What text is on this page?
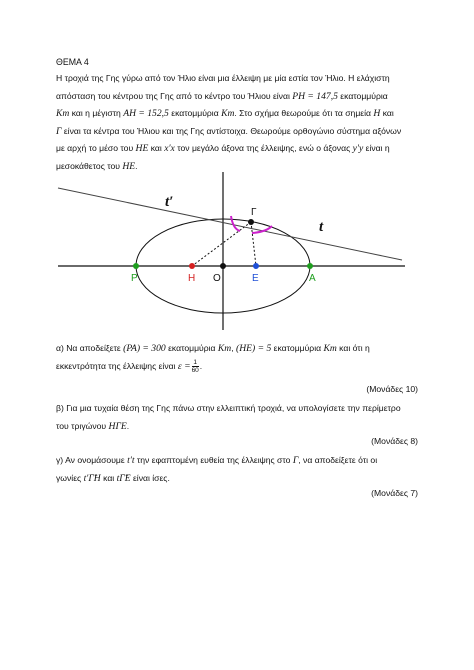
ΘΕΜΑ 4
Η τροχιά της Γης γύρω από τον Ήλιο είναι μια έλλειψη με μία εστία τον Ήλιο. Η ελάχιστη
απόσταση του κέντρου της Γης από το κέντρο του Ήλιου είναι PH = 147,5 εκατομμύρια
Km και η μέγιστη AH = 152,5 εκατομμύρια Km. Στο σχήμα θεωρούμε ότι τα σημεία H και
Γ είναι τα κέντρα του Ήλιου και της Γης αντίστοιχα. Θεωρούμε ορθογώνιο σύστημα αξόνων
με αρχή το μέσο του HE και x′x τον μεγάλο άξονα της έλλειψης, ενώ ο άξονας y′y είναι η
μεσοκάθετος του HE.
t′
t
Γ
P	H O	E	A
α) Να αποδείξετε (PA) = 300 εκατομμύρια Km, (HE) = 5 εκατομμύρια Km και ότι η
εκκεντρότητα της έλλειψης είναι $\varepsilon = \frac{1}{60}$ .
(Μονάδες 10)
β) Για μια τυχαία θέση της Γης πάνω στην ελλειπτική τροχιά, να υπολογίσετε την περίμετρο
του τριγώνου HΓE.
(Μονάδες 8)
γ) Αν ονομάσουμε t′t την εφαπτομένη ευθεία της έλλειψης στο Γ, να αποδείξετε ότι οι
γωνίες t′Γ̂H και tΓ̂E είναι ίσες.
(Μονάδες 7)
